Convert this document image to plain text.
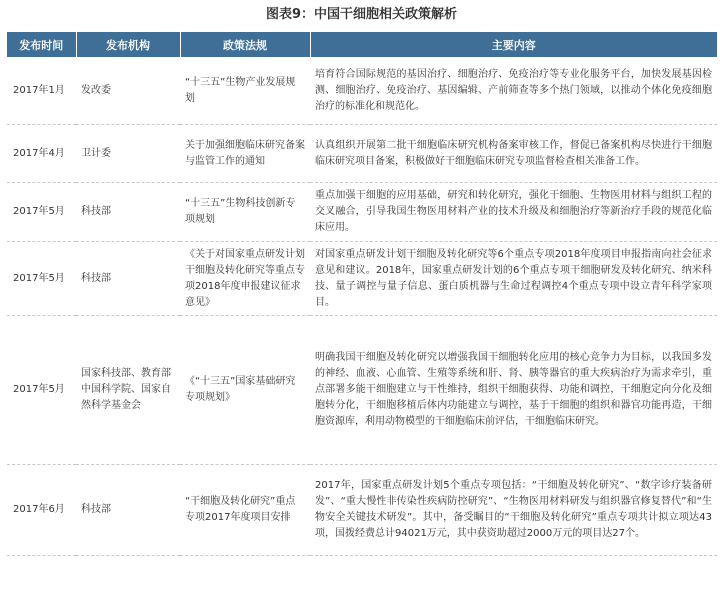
图表9：中国干细胞相关政策解析
发布时间	发布机构	政策法规	主要内容
2017年1月	发改委	“十三五”生物产业发展规划	培育符合国际规范的基因治疗、细胞治疗、免疫治疗等专业化服务平台，加快发展基因检测、细胞治疗、免疫治疗、基因编辑、产前筛查等多个热门领域，以推动个体化免疫细胞治疗的标准化和规范化。
2017年4月	卫计委	关于加强细胞临床研究备案与监管工作的通知	认真组织开展第二批干细胞临床研究机构备案审核工作，督促已备案机构尽快进行干细胞临床研究项目备案，积极做好干细胞临床研究专项监督检查相关准备工作。
2017年5月	科技部	“十三五”生物科技创新专项规划	重点加强干细胞的应用基础，研究和转化研究，强化干细胞、生物医用材料与组织工程的交叉融合，引导我国生物医用材料产业的技术升级及和细胞治疗等新治疗手段的规范化临床应用。
2017年5月	科技部	《关于对国家重点研发计划干细胞及转化研究等重点专项2018年度申报建议征求意见》	对国家重点研发计划干细胞及转化研究等6个重点专项2018年度项目申报指南向社会征求意见和建议。2018年，国家重点研发计划的6个重点专项干细胞研发及转化研究、纳米科技、量子调控与量子信息、蛋白质机器与生命过程调控4个重点专项中设立青年科学家项目。
2017年5月	国家科技部、教育部中国科学院、国家自然科学基金会	《“十三五”国家基础研究专项规划》	明确我国干细胞及转化研究以增强我国干细胞转化应用的核心竞争力为目标，以我国多发的神经、血液、心血管、生殖等系统和肝、肾、胰等器官的重大疾病治疗为需求牵引，重点部署多能干细胞建立与干性维持，组织干细胞获得、功能和调控，干细胞定向分化及细胞转分化，干细胞移植后体内功能建立与调控，基于干细胞的组织和器官功能再造，干细胞资源库，利用动物模型的干细胞临床前评估，干细胞临床研究。
2017年6月	科技部	“干细胞及转化研究”重点专项2017年度项目安排	2017年，国家重点研发计划5个重点专项包括：“干细胞及转化研究”、“数字诊疗装备研发”、“重大慢性非传染性疾病防控研究”、“生物医用材料研发与组织器官修复替代”和“生物安全关键技术研发”。其中，备受瞩目的“干细胞及转化研究”重点专项共计拟立项达43项，国拨经费总计94021万元，其中获资助超过2000万元的项目达27个。
